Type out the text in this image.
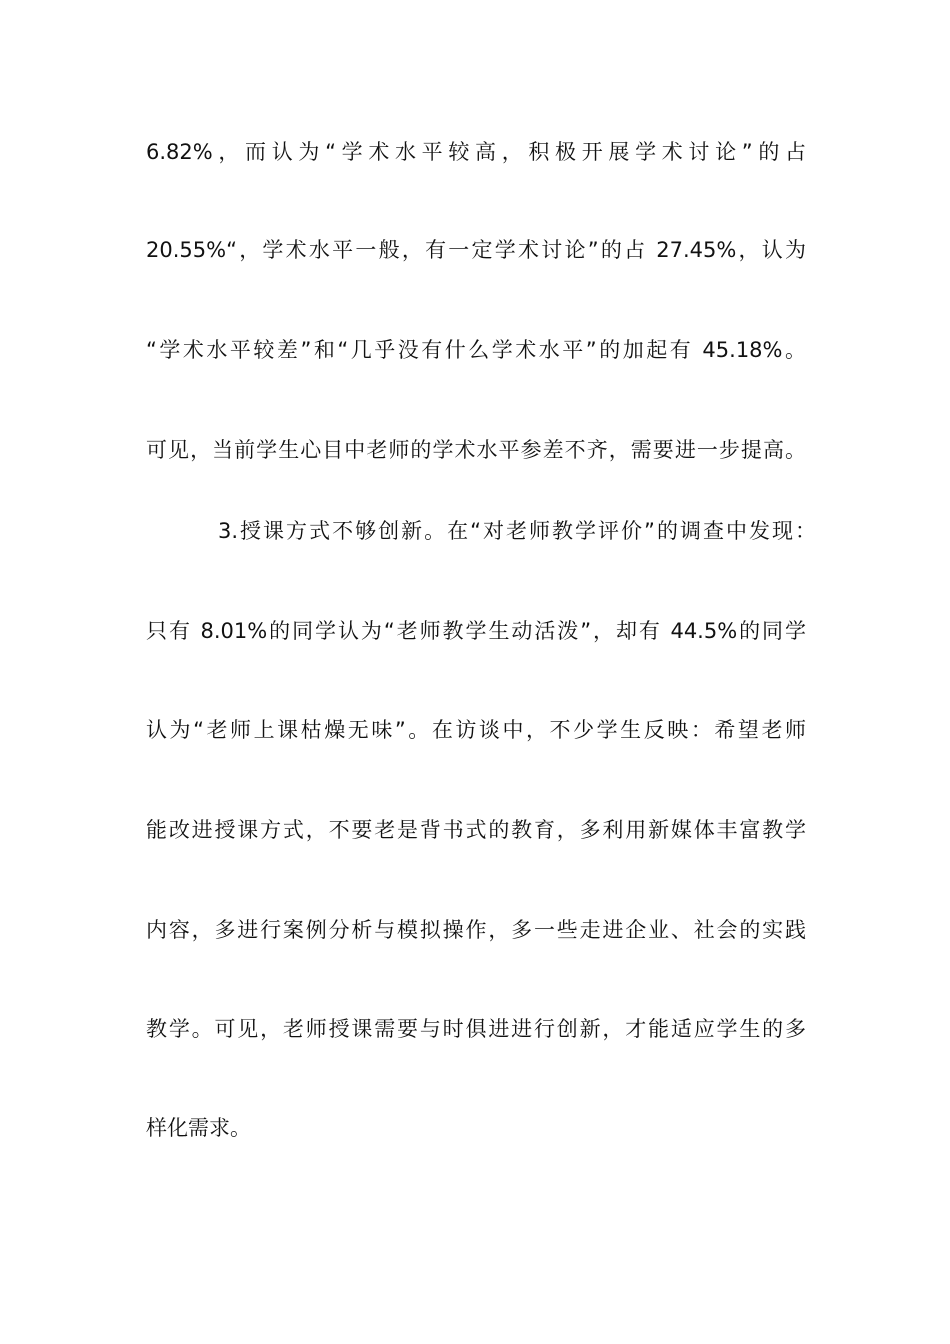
6.82%，而认为“学术水平较高，积极开展学术讨论”的占
20.55%“，学术水平一般，有一定学术讨论”的占 27.45%，认为
“学术水平较差”和“几乎没有什么学术水平”的加起有 45.18%。
可见，当前学生心目中老师的学术水平参差不齐，需要进一步提高。
3.授课方式不够创新。在“对老师教学评价”的调查中发现：
只有 8.01%的同学认为“老师教学生动活泼”，却有 44.5%的同学
认为“老师上课枯燥无味”。在访谈中，不少学生反映：希望老师
能改进授课方式，不要老是背书式的教育，多利用新媒体丰富教学
内容，多进行案例分析与模拟操作，多一些走进企业、社会的实践
教学。可见，老师授课需要与时俱进进行创新，才能适应学生的多
样化需求。
